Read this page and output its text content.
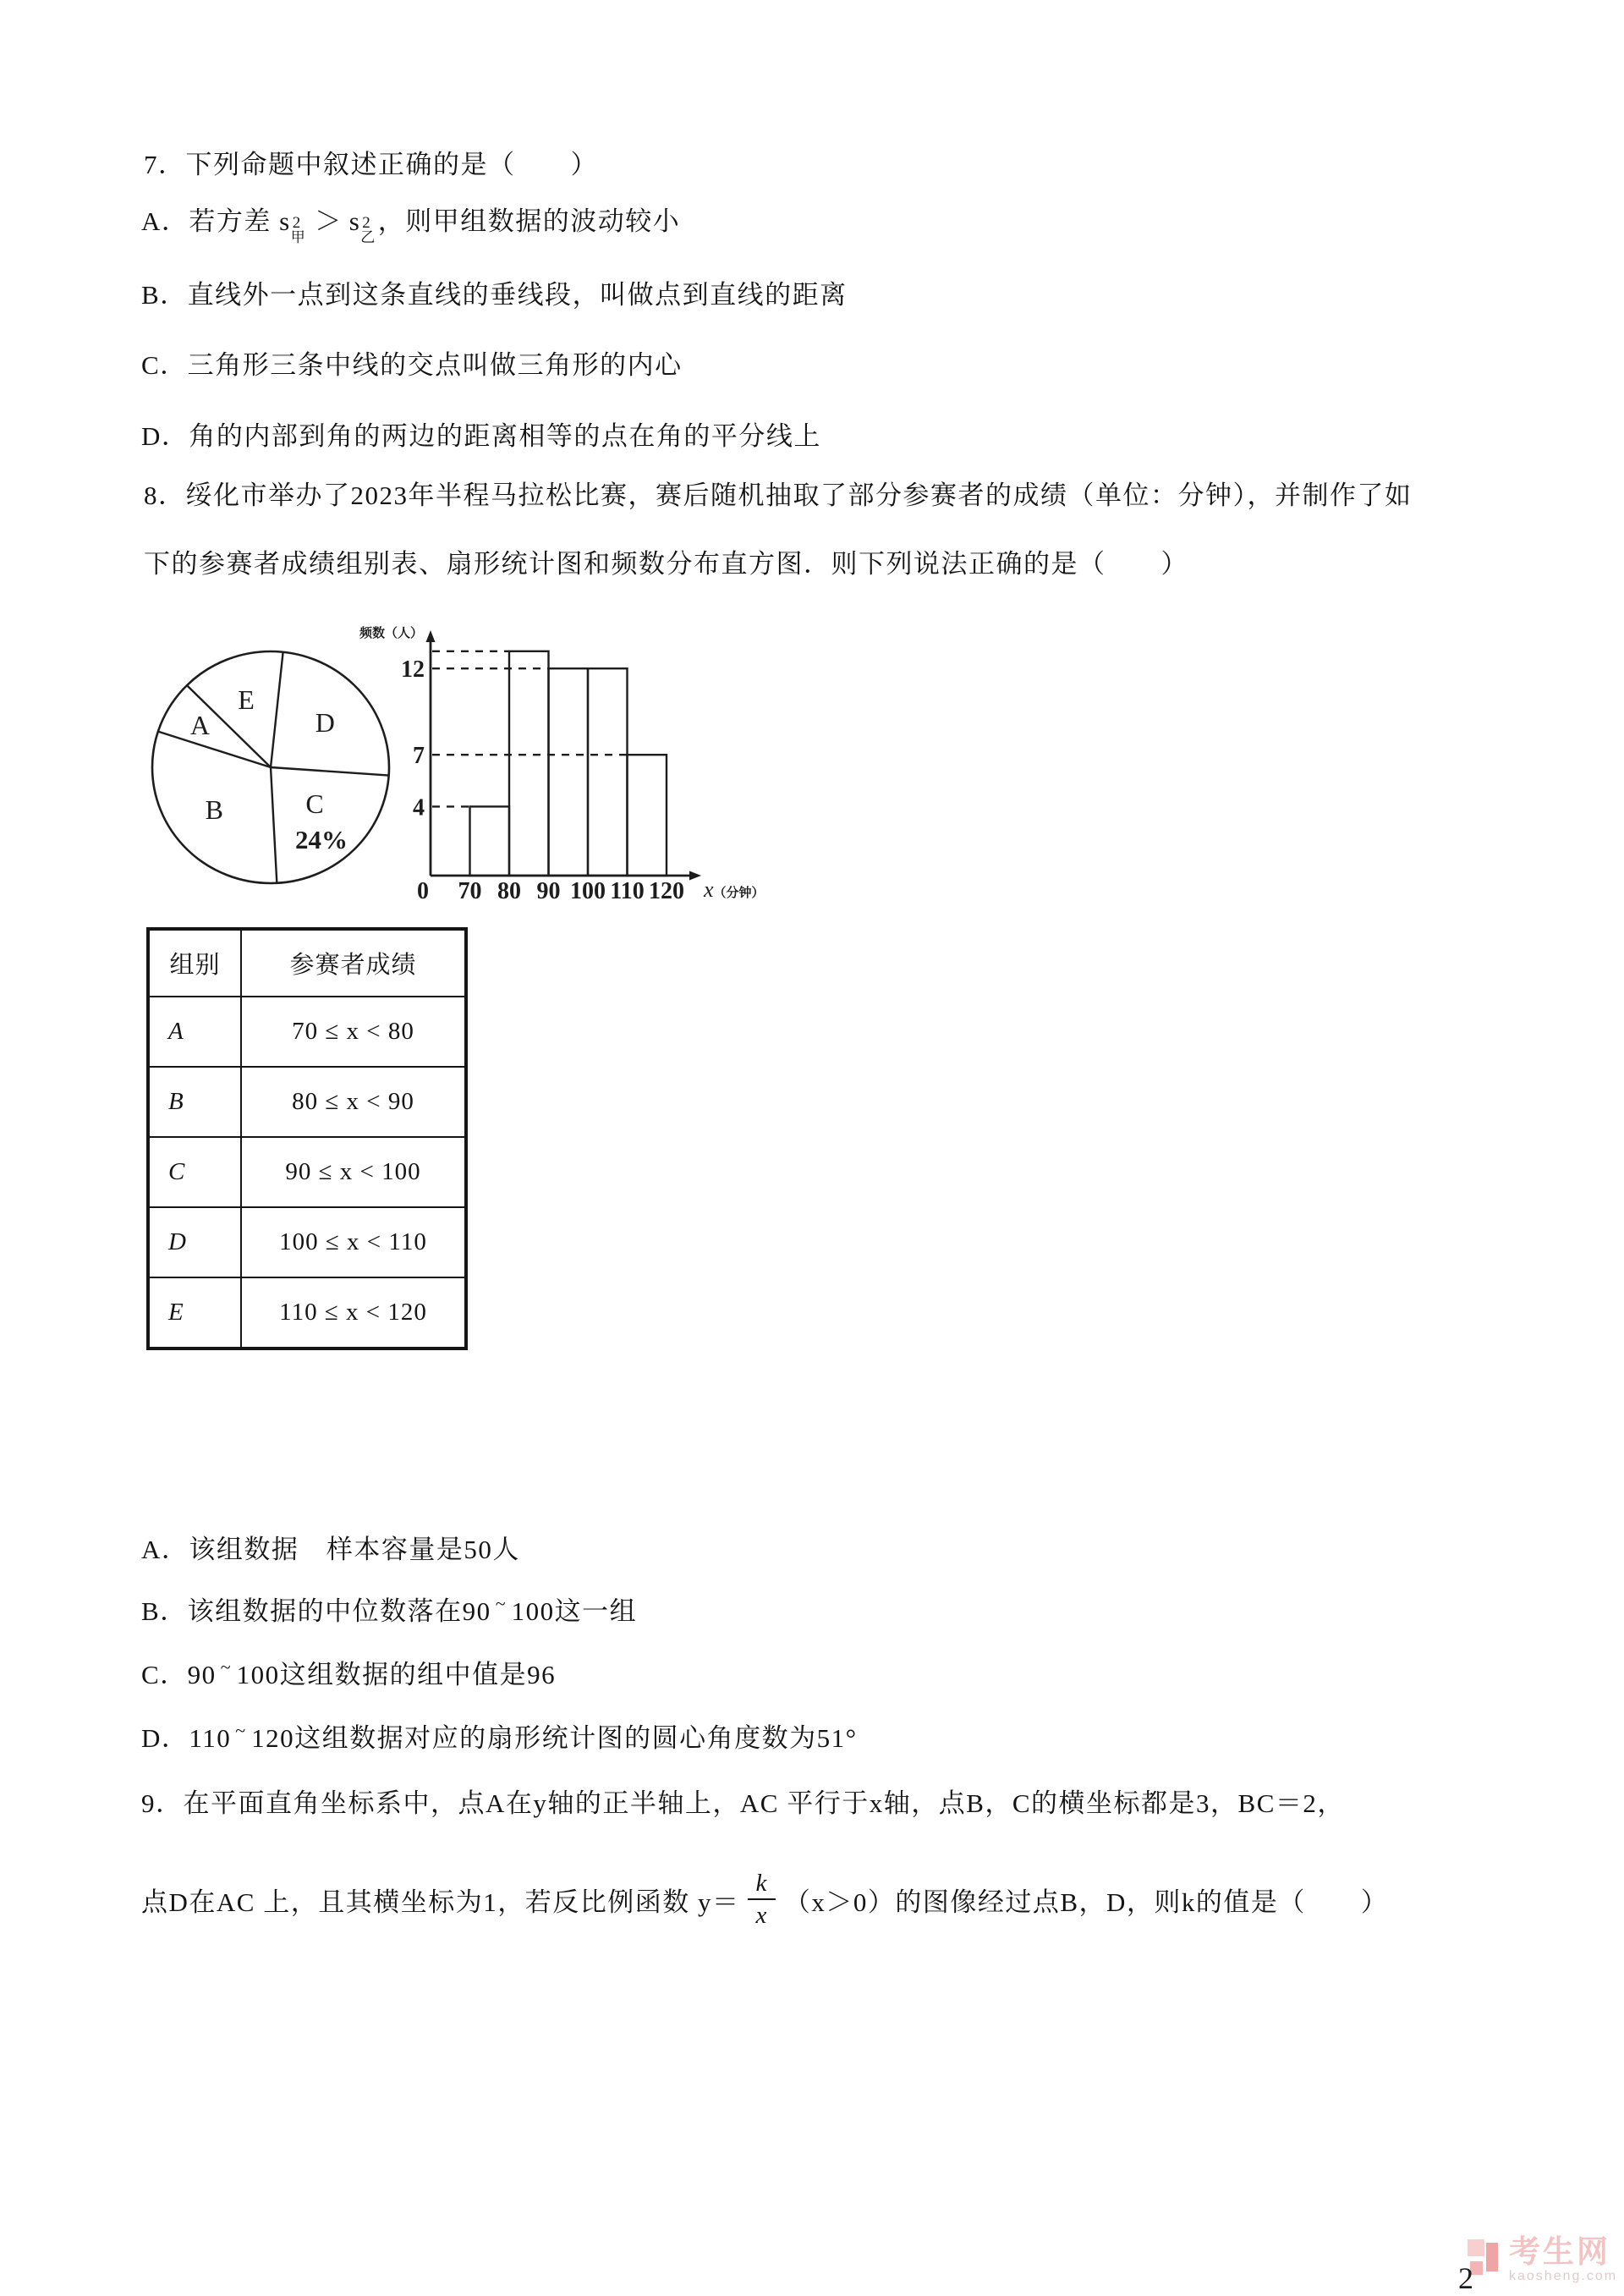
7．下列命题中叙述正确的是（　　）
A．若方差 s 2
甲
＞ s 2
乙
，则甲组数据的波动较小
B．直线外一点到这条直线的垂线段，叫做点到直线的距离
C．三角形三条中线的交点叫做三角形的内心
D．角的内部到角的两边的距离相等的点在角的平分线上
8．绥化市举办了2023年半程马拉松比赛，赛后随机抽取了部分参赛者的成绩（单位：分钟），并制作了如
下的参赛者成绩组别表、扇形统计图和频数分布直方图．则下列说法正确的是（　　）
D
E
A
B	C
24%
12
7
4
0 70 80 90 100 110 120
频数（人）
x（分钟）
组别	参赛者成绩
A	70 ≤ x < 80
B	80 ≤ x < 90
C	90 ≤ x < 100
D	100 ≤ x < 110
E	110 ≤ x < 120
A．该组数据　样本容量是50人
B．该组数据的中位数落在90 ~ 100这一组
C．90 ~ 100这组数据的组中值是96
D．110 ~ 120这组数据对应的扇形统计图的圆心角度数为51°
9．在平面直角坐标系中，点A在y轴的正半轴上，AC 平行于x轴，点B，C的横坐标都是3，BC＝2，
点D在AC 上，且其横坐标为1，若反比例函数 $y= \frac{k}{x} (x>0)$的图像经过点B，D，则k的值是（　　）
考生网
kaosheng.com
2
